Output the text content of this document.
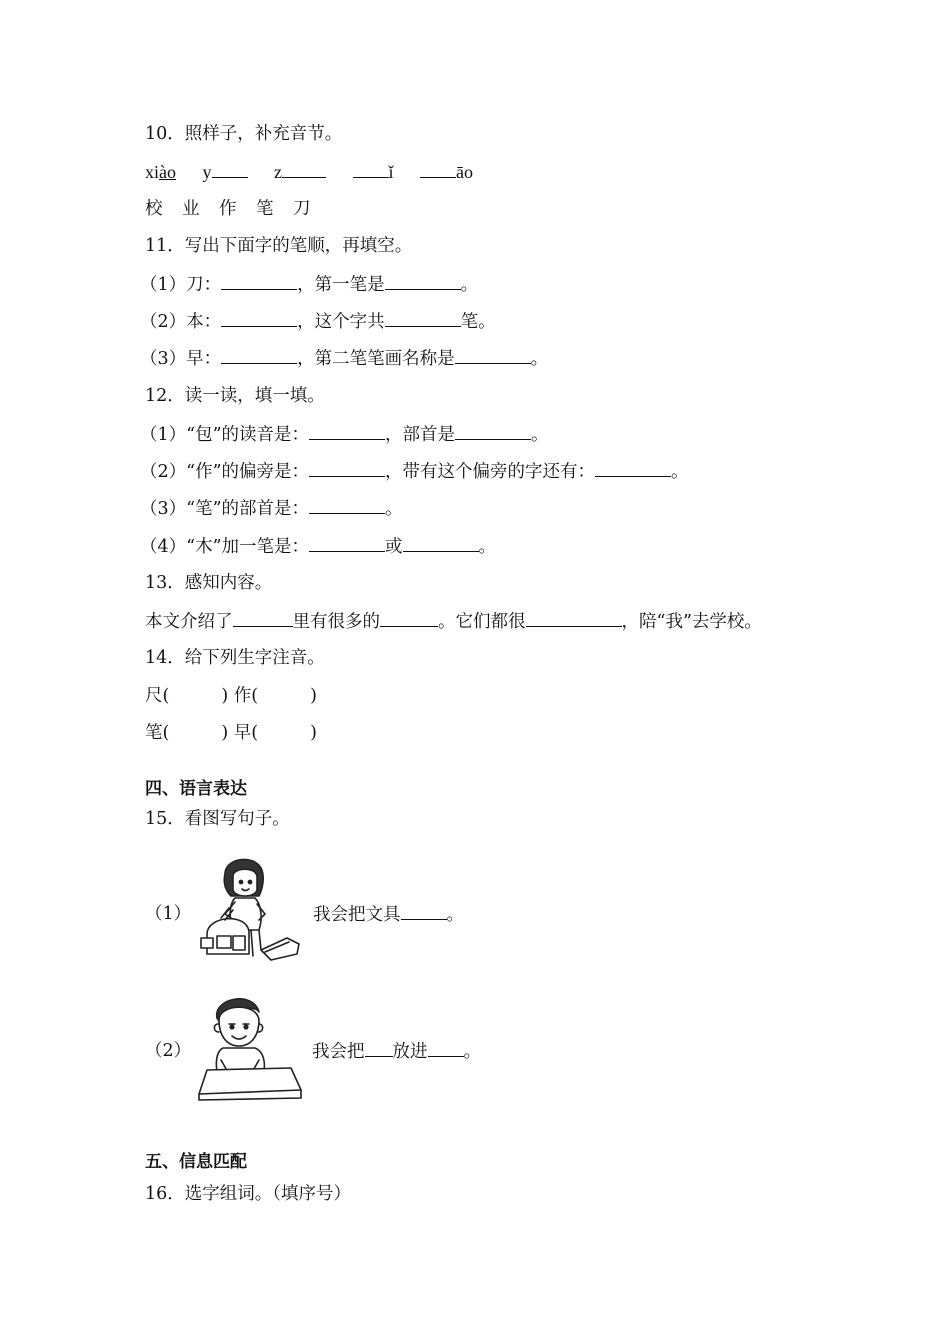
10．照样子，补充音节。
xiào y	z	ǐ	āo
校 业 作 笔 刀
11．写出下面字的笔顺，再填空。
（1）刀：	，第一笔是	。
（2）本：	，这个字共	笔。
（3）早：	，第二笔笔画名称是	。
12．读一读，填一填。
（1）“包”的读音是：	，部首是	。
（2）“作”的偏旁是：	，带有这个偏旁的字还有：	。
（3）“笔”的部首是：	。
（4）“木”加一笔是：	或	。
13．感知内容。
本文介绍了	里有很多的	。它们都很	，陪“我”去学校。
14．给下列生字注音。
尺(	) 作(	)
笔(	) 早(	)
四、语言表达
15．看图写句子。
（1）	我会把文具	。
（2）	我会把 放进 。
五、信息匹配
16．选字组词。（填序号）
